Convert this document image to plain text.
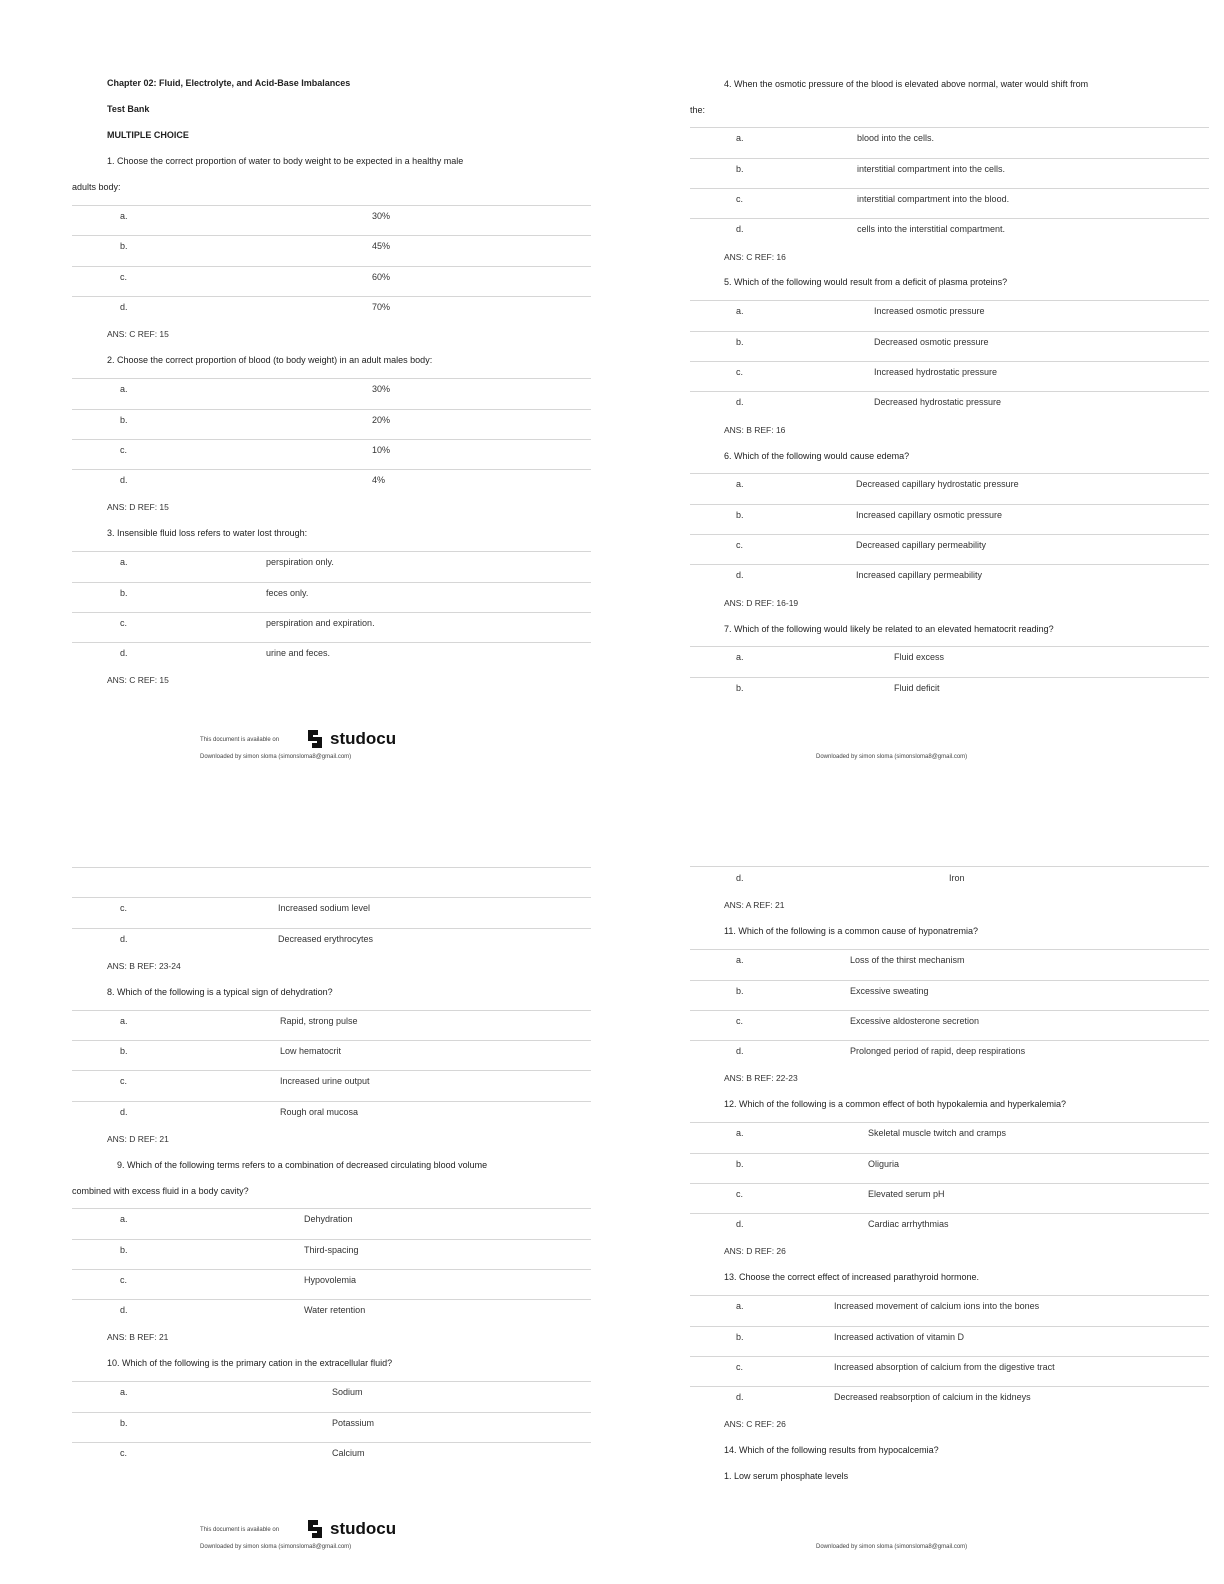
Chapter 02: Fluid, Electrolyte, and Acid-Base Imbalances
Test Bank
MULTIPLE CHOICE
1. Choose the correct proportion of water to body weight to be expected in a healthy male
adults body:
a.	30%
b.	45%
c.	60%
d.	70%
ANS: C REF: 15
2. Choose the correct proportion of blood (to body weight) in an adult males body:
a.	30%
b.	20%
c.	10%
d.	4%
ANS: D REF: 15
3. Insensible fluid loss refers to water lost through:
a.	perspiration only.
b.	feces only.
c.	perspiration and expiration.
d.	urine and feces.
ANS: C REF: 15
This document is available on	studocu
Downloaded by simon sloma (simonsloma8@gmail.com)
4. When the osmotic pressure of the blood is elevated above normal, water would shift from
the:
a.	blood into the cells.
b.	interstitial compartment into the cells.
c.	interstitial compartment into the blood.
d.	cells into the interstitial compartment.
ANS: C REF: 16
5. Which of the following would result from a deficit of plasma proteins?
a.	Increased osmotic pressure
b.	Decreased osmotic pressure
c.	Increased hydrostatic pressure
d.	Decreased hydrostatic pressure
ANS: B REF: 16
6. Which of the following would cause edema?
a.	Decreased capillary hydrostatic pressure
b.	Increased capillary osmotic pressure
c.	Decreased capillary permeability
d.	Increased capillary permeability
ANS: D REF: 16-19
7. Which of the following would likely be related to an elevated hematocrit reading?
a.	Fluid excess
b.	Fluid deficit
Downloaded by simon sloma (simonsloma8@gmail.com)
c.	Increased sodium level
d.	Decreased erythrocytes
ANS: B REF: 23-24
8. Which of the following is a typical sign of dehydration?
a.	Rapid, strong pulse
b.	Low hematocrit
c.	Increased urine output
d.	Rough oral mucosa
ANS: D REF: 21
9. Which of the following terms refers to a combination of decreased circulating blood volume
combined with excess fluid in a body cavity?
a.	Dehydration
b.	Third-spacing
c.	Hypovolemia
d.	Water retention
ANS: B REF: 21
10. Which of the following is the primary cation in the extracellular fluid?
a.	Sodium
b.	Potassium
c.	Calcium
This document is available on	studocu
Downloaded by simon sloma (simonsloma8@gmail.com)
d.	Iron
ANS: A REF: 21
11. Which of the following is a common cause of hyponatremia?
a.	Loss of the thirst mechanism
b.	Excessive sweating
c.	Excessive aldosterone secretion
d.	Prolonged period of rapid, deep respirations
ANS: B REF: 22-23
12. Which of the following is a common effect of both hypokalemia and hyperkalemia?
a.	Skeletal muscle twitch and cramps
b.	Oliguria
c.	Elevated serum pH
d.	Cardiac arrhythmias
ANS: D REF: 26
13. Choose the correct effect of increased parathyroid hormone.
a.	Increased movement of calcium ions into the bones
b.	Increased activation of vitamin D
c.	Increased absorption of calcium from the digestive tract
d.	Decreased reabsorption of calcium in the kidneys
ANS: C REF: 26
14. Which of the following results from hypocalcemia?
1. Low serum phosphate levels
Downloaded by simon sloma (simonsloma8@gmail.com)
